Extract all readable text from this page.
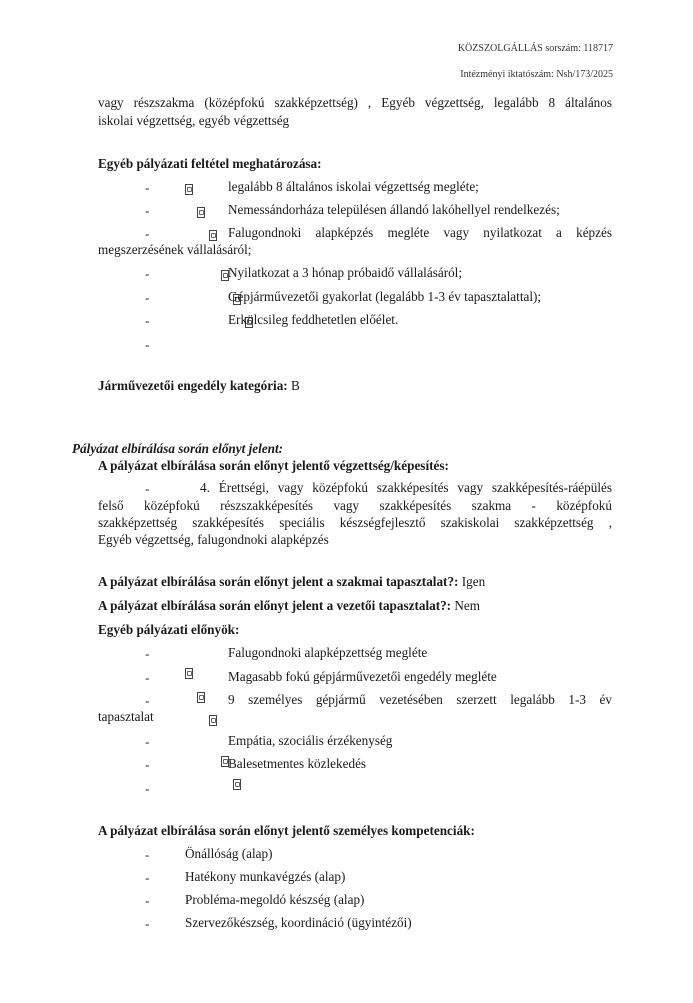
KÖZSZOLGÁLLÁS sorszám: 118717
Intézményi iktatószám: Nsh/173/2025
vagy részszakma (középfokú szakképzettség) , Egyéb végzettség, legalább 8 általános
iskolai végzettség, egyéb végzettség
Egyéb pályázati feltétel meghatározása:
-
	legalább 8 általános iskolai végzettség megléte;
-
	Nemessándorháza településen állandó lakóhellyel rendelkezés;
-
	Falugondnoki alapképzés megléte vagy nyilatkozat a képzés
megszerzésének vállalásáról;
-
	Nyilatkozat a 3 hónap próbaidő vállalásáról;
-
	Gépjárművezetői gyakorlat (legalább 1-3 év tapasztalattal);
-	Erkölcsileg feddhetetlen előélet.
-
Járművezetői engedély kategória: B
Pályázat elbírálása során előnyt jelent:
A pályázat elbírálása során előnyt jelentő végzettség/képesítés:
-	4. Érettségi, vagy középfokú szakképesítés vagy szakképesítés-ráépülés
felső középfokú részszakképesítés vagy szakképesítés szakma - középfokú
szakképzettség szakképesítés speciális készségfejlesztő szakiskolai szakképzettség ,
Egyéb végzettség, falugondnoki alapképzés
A pályázat elbírálása során előnyt jelent a szakmai tapasztalat?: Igen
A pályázat elbírálása során előnyt jelent a vezetői tapasztalat?: Nem
Egyéb pályázati előnyök:
-
	Falugondnoki alapképzettség megléte
-
	Magasabb fokú gépjárművezetői engedély megléte
-
	9 személyes gépjármű vezetésében szerzett legalább 1-3 év
tapasztalat
-
	Empátia, szociális érzékenység
-	Balesetmentes közlekedés
-
A pályázat elbírálása során előnyt jelentő személyes kompetenciák:
-	Önállóság (alap)
-	Hatékony munkavégzés (alap)
-	Probléma-megoldó készség (alap)
-	Szervezőkészség, koordináció (ügyintézői)
